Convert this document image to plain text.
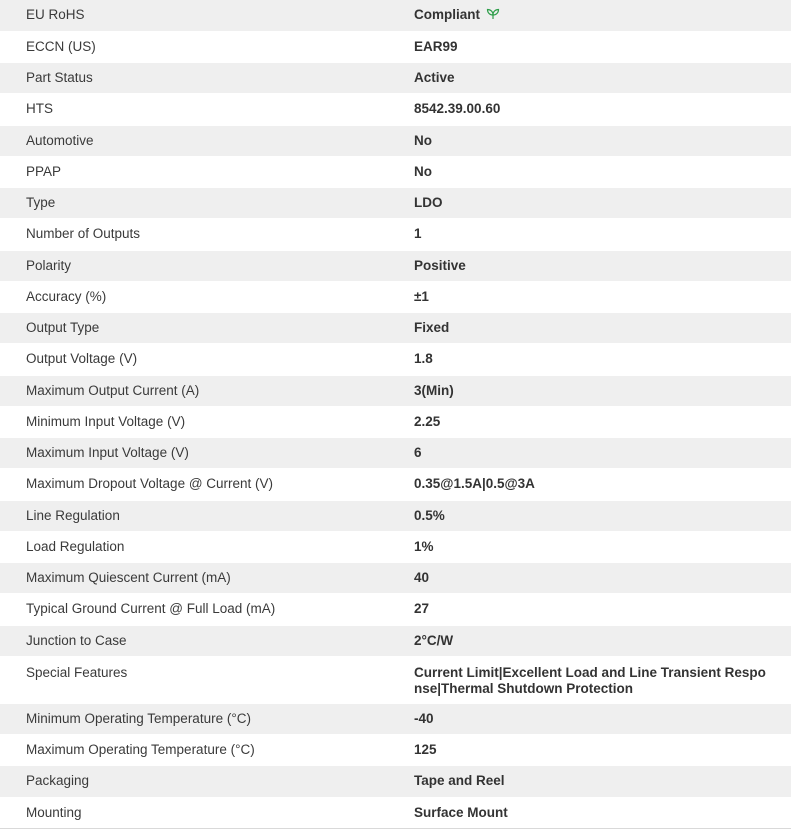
EU RoHS	Compliant
ECCN (US)	EAR99
Part Status	Active
HTS	8542.39.00.60
Automotive	No
PPAP	No
Type	LDO
Number of Outputs	1
Polarity	Positive
Accuracy (%)	±1
Output Type	Fixed
Output Voltage (V)	1.8
Maximum Output Current (A)	3(Min)
Minimum Input Voltage (V)	2.25
Maximum Input Voltage (V)	6
Maximum Dropout Voltage @ Current (V)	0.35@1.5A|0.5@3A
Line Regulation	0.5%
Load Regulation	1%
Maximum Quiescent Current (mA)	40
Typical Ground Current @ Full Load (mA)	27
Junction to Case	2°C/W
Special Features	Current Limit|Excellent Load and Line Transient Response|Thermal Shutdown Protection
Minimum Operating Temperature (°C)	-40
Maximum Operating Temperature (°C)	125
Packaging	Tape and Reel
Mounting	Surface Mount
